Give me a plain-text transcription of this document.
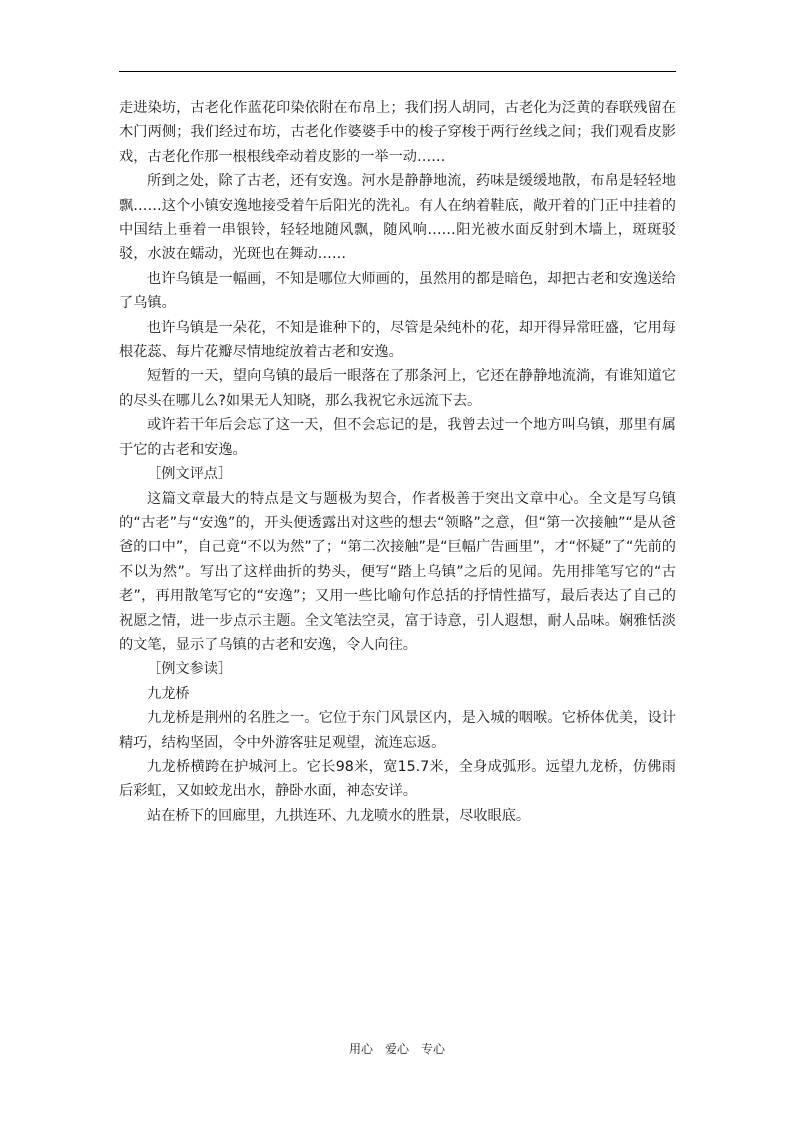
走进染坊，古老化作蓝花印染依附在布帛上；我们拐人胡同，古老化为泛黄的春联残留在木门两侧；我们经过布坊，古老化作婆婆手中的梭子穿梭于两行丝线之间；我们观看皮影戏，古老化作那一根根线牵动着皮影的一举一动……

所到之处，除了古老，还有安逸。河水是静静地流，药味是缓缓地散，布帛是轻轻地飘……这个小镇安逸地接受着午后阳光的洗礼。有人在纳着鞋底，敞开着的门正中挂着的中国结上垂着一串银铃，轻轻地随风飘，随风响……阳光被水面反射到木墙上，斑斑驳驳，水波在蠕动，光斑也在舞动……

也许乌镇是一幅画，不知是哪位大师画的，虽然用的都是暗色，却把古老和安逸送给了乌镇。

也许乌镇是一朵花，不知是谁种下的，尽管是朵纯朴的花，却开得异常旺盛，它用每根花蕊、每片花瓣尽情地绽放着古老和安逸。

短暂的一天，望向乌镇的最后一眼落在了那条河上，它还在静静地流淌，有谁知道它的尽头在哪儿么?如果无人知晓，那么我祝它永远流下去。

或许若干年后会忘了这一天，但不会忘记的是，我曾去过一个地方叫乌镇，那里有属于它的古老和安逸。

［例文评点］

这篇文章最大的特点是文与题极为契合，作者极善于突出文章中心。全文是写乌镇的“古老”与“安逸”的，开头便透露出对这些的想去“领略”之意，但“第一次接触”“是从爸爸的口中”，自己竟“不以为然”了；“第二次接触”是“巨幅广告画里”，才“怀疑”了“先前的不以为然”。写出了这样曲折的势头，便写“踏上乌镇”之后的见闻。先用排笔写它的“古老”，再用散笔写它的“安逸”；又用一些比喻句作总括的抒情性描写，最后表达了自己的祝愿之情，进一步点示主题。全文笔法空灵，富于诗意，引人遐想，耐人品味。娴雅恬淡的文笔，显示了乌镇的古老和安逸，令人向往。

［例文参读］

九龙桥

九龙桥是荆州的名胜之一。它位于东门风景区内，是入城的咽喉。它桥体优美，设计精巧，结构坚固，令中外游客驻足观望，流连忘返。

九龙桥横跨在护城河上。它长98米，宽15.7米，全身成弧形。远望九龙桥，仿佛雨后彩虹，又如蛟龙出水，静卧水面，神态安详。

站在桥下的回廊里，九拱连环、九龙喷水的胜景，尽收眼底。

用心　爱心　专心
